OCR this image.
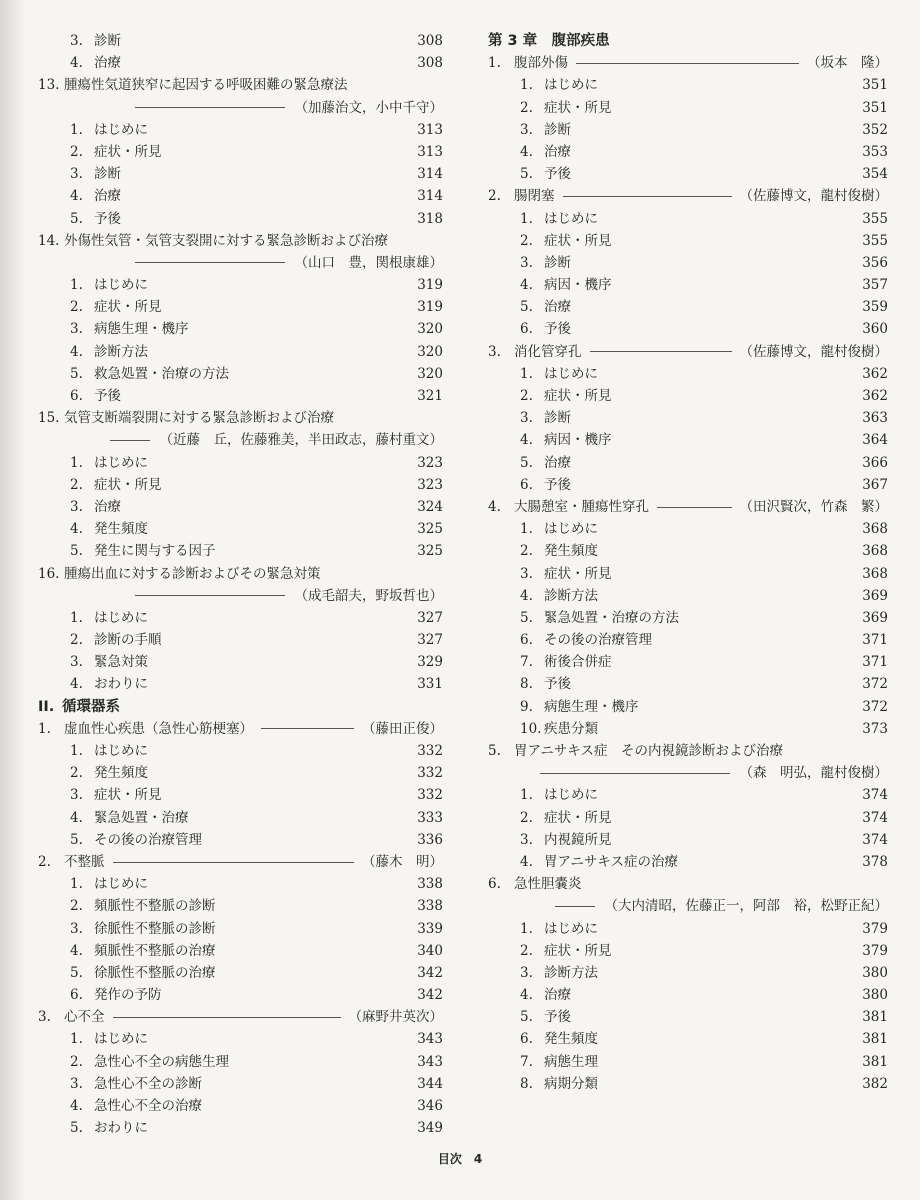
3. 診断	308
4. 治療	308
13. 腫瘍性気道狭窄に起因する呼吸困難の緊急療法
（加藤治文，小中千守）
1. はじめに	313
2. 症状・所見	313
3. 診断	314
4. 治療	314
5. 予後	318
14. 外傷性気管・気管支裂開に対する緊急診断および治療
（山口　豊，関根康雄）
1. はじめに	319
2. 症状・所見	319
3. 病態生理・機序	320
4. 診断方法	320
5. 救急処置・治療の方法	320
6. 予後	321
15. 気管支断端裂開に対する緊急診断および治療
（近藤　丘，佐藤雅美，半田政志，藤村重文）
1. はじめに	323
2. 症状・所見	323
3. 治療	324
4. 発生頻度	325
5. 発生に関与する因子	325
16. 腫瘍出血に対する診断およびその緊急対策
（成毛韶夫，野坂哲也）
1. はじめに	327
2. 診断の手順	327
3. 緊急対策	329
4. おわりに	331
II. 循環器系
1. 虚血性心疾患（急性心筋梗塞）	（藤田正俊）
1. はじめに	332
2. 発生頻度	332
3. 症状・所見	332
4. 緊急処置・治療	333
5. その後の治療管理	336
2. 不整脈	（藤木　明）
1. はじめに	338
2. 頻脈性不整脈の診断	338
3. 徐脈性不整脈の診断	339
4. 頻脈性不整脈の治療	340
5. 徐脈性不整脈の治療	342
6. 発作の予防	342
3. 心不全	（麻野井英次）
1. はじめに	343
2. 急性心不全の病態生理	343
3. 急性心不全の診断	344
4. 急性心不全の治療	346
5. おわりに	349
第 3 章　腹部疾患
1. 腹部外傷	（坂本　隆）
1. はじめに	351
2. 症状・所見	351
3. 診断	352
4. 治療	353
5. 予後	354
2. 腸閉塞	（佐藤博文，龍村俊樹）
1. はじめに	355
2. 症状・所見	355
3. 診断	356
4. 病因・機序	357
5. 治療	359
6. 予後	360
3. 消化管穿孔	（佐藤博文，龍村俊樹）
1. はじめに	362
2. 症状・所見	362
3. 診断	363
4. 病因・機序	364
5. 治療	366
6. 予後	367
4. 大腸憩室・腫瘍性穿孔	（田沢賢次，竹森　繁）
1. はじめに	368
2. 発生頻度	368
3. 症状・所見	368
4. 診断方法	369
5. 緊急処置・治療の方法	369
6. その後の治療管理	371
7. 術後合併症	371
8. 予後	372
9. 病態生理・機序	372
10. 疾患分類	373
5. 胃アニサキス症　その内視鏡診断および治療
（森　明弘，龍村俊樹）
1. はじめに	374
2. 症状・所見	374
3. 内視鏡所見	374
4. 胃アニサキス症の治療	378
6. 急性胆嚢炎
（大内清昭，佐藤正一，阿部　裕，松野正紀）
1. はじめに	379
2. 症状・所見	379
3. 診断方法	380
4. 治療	380
5. 予後	381
6. 発生頻度	381
7. 病態生理	381
8. 病期分類	382
目次　4
